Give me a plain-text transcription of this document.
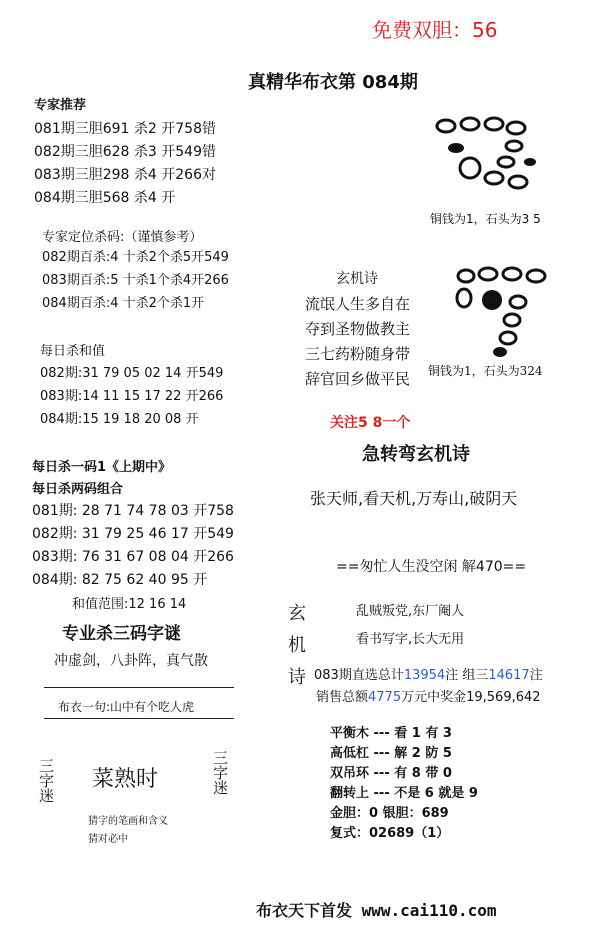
免费双胆：56
真精华布衣第 084期
专家推荐
081期三胆691 杀2 开758错
082期三胆628 杀3 开549错
083期三胆298 杀4 开266对
084期三胆568 杀4 开
专家定位杀码:（谨慎参考）
082期百杀:4 十杀2个杀5开549
083期百杀:5 十杀1个杀4开266
084期百杀:4 十杀2个杀1开
每日杀和值
082期:31 79 05 02 14 开549
083期:14 11 15 17 22 开266
084期:15 19 18 20 08 开
每日杀一码1《上期中》
每日杀两码组合
081期: 28 71 74 78 03 开758
082期: 31 79 25 46 17 开549
083期: 76 31 67 08 04 开266
084期: 82 75 62 40 95 开
和值范围:12 16 14
专业杀三码字谜
冲虚剑，八卦阵，真气散
布衣一句:山中有个吃人虎
三字迷 菜熟时	三字迷
猜字的笔画和含义
猜对必中
铜钱为1，石头为3 5
铜钱为1，石头为324
玄机诗
流氓人生多自在
夺到圣物做教主
三七药粉随身带
辞官回乡做平民
关注5 8一个
急转弯玄机诗
张天师,看天机,万寿山,破阴天
==匆忙人生没空闲 解470==
玄
机
诗
乱贼叛党,东厂阉人
看书写字,长大无用
083期直选总计13954注 组三14617注
销售总额4775万元中奖金19,569,642
平衡木 --- 看 1 有 3
高低杠 --- 解 2 防 5
双吊环 --- 有 8 带 0
翻转上 --- 不是 6 就是 9
金胆：0 银胆：689
复式：02689（1）
布衣天下首发 www.cai110.com
